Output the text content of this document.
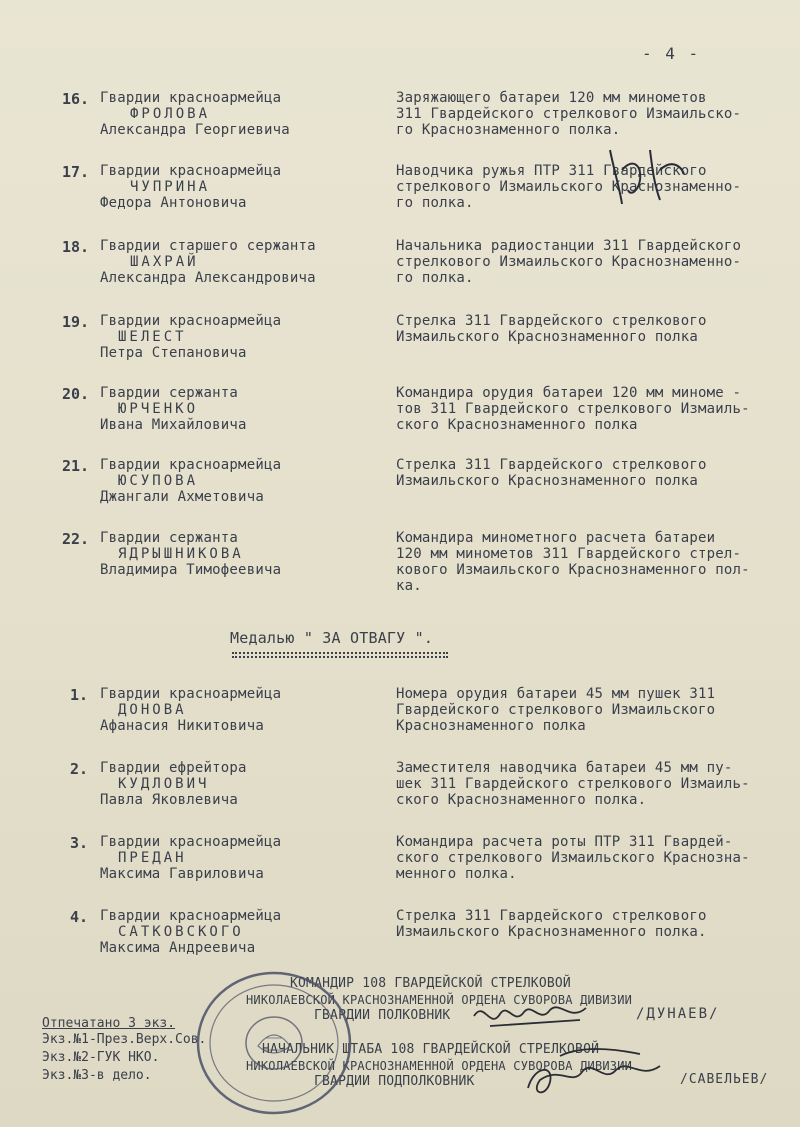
- 4 -
16. Гвардии красноармейца
ФРОЛОВА
Александра Георгиевича
Заряжающего батареи 120 мм минометов
311 Гвардейского стрелкового Измаильско-
го Краснознаменного полка.
17. Гвардии красноармейца
ЧУПРИНА
Федора Антоновича
Наводчика ружья ПТР 311 Гвардейского
стрелкового Измаильского Краснознаменно-
го полка.
18. Гвардии старшего сержанта
ШАХРАЙ
Александра Александровича
Начальника радиостанции 311 Гвардейского
стрелкового Измаильского Краснознаменно-
го полка.
19. Гвардии красноармейца
ШЕЛЕСТ
Петра Степановича
Стрелка 311 Гвардейского стрелкового
Измаильского Краснознаменного полка
20. Гвардии сержанта
ЮРЧЕНКО
Ивана Михайловича
Командира орудия батареи 120 мм миноме -
тов 311 Гвардейского стрелкового Измаиль-
ского Краснознаменного полка
21. Гвардии красноармейца
ЮСУПОВА
Джангали Ахметовича
Стрелка 311 Гвардейского стрелкового
Измаильского Краснознаменного полка
22. Гвардии сержанта
ЯДРЫШНИКОВА
Владимира Тимофеевича
Командира минометного расчета батареи
120 мм минометов 311 Гвардейского стрел-
кового Измаильского Краснознаменного пол-
ка.
Медалью " ЗА ОТВАГУ ".
1. Гвардии красноармейца
ДОНОВА
Афанасия Никитовича
Номера орудия батареи 45 мм пушек 311
Гвардейского стрелкового Измаильского
Краснознаменного полка
2. Гвардии ефрейтора
КУДЛОВИЧ
Павла Яковлевича
Заместителя наводчика батареи 45 мм пу-
шек 311 Гвардейского стрелкового Измаиль-
ского Краснознаменного полка.
3. Гвардии красноармейца
ПРЕДАН
Максима Гавриловича
Командира расчета роты ПТР 311 Гвардей-
ского стрелкового Измаильского Краснозна-
менного полка.
4. Гвардии красноармейца
САТКОВСКОГО
Максима Андреевича
Стрелка 311 Гвардейского стрелкового
Измаильского Краснознаменного полка.
КОМАНДИР 108 ГВАРДЕЙСКОЙ СТРЕЛКОВОЙ
НИКОЛАЕВСКОЙ КРАСНОЗНАМЕННОЙ ОРДЕНА СУВОРОВА ДИВИЗИИ
ГВАРДИИ ПОЛКОВНИК	/ДУНАЕВ/
НАЧАЛЬНИК ШТАБА 108 ГВАРДЕЙСКОЙ СТРЕЛКОВОЙ
НИКОЛАЕВСКОЙ КРАСНОЗНАМЕННОЙ ОРДЕНА СУВОРОВА ДИВИЗИИ
ГВАРДИИ ПОДПОЛКОВНИК	/САВЕЛЬЕВ/
Отпечатано 3 экз.
Экз.№1-През.Верх.Сов.
Экз.№2-ГУК НКО.
Экз.№3-в дело.
